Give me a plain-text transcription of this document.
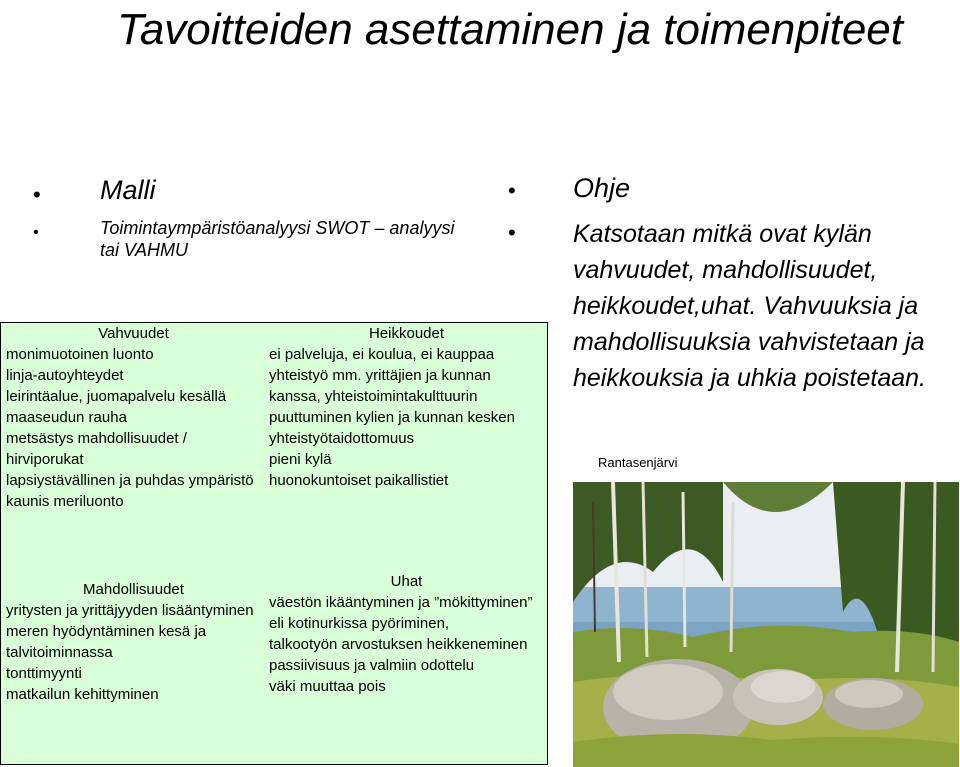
Tavoitteiden asettaminen ja toimenpiteet
• Malli
•	Toimintaympäristöanalyysi SWOT – analyysi tai VAHMU
• Ohje
• Katsotaan mitkä ovat kylän vahvuudet, mahdollisuudet, heikkoudet,uhat. Vahvuuksia ja mahdollisuuksia vahvistetaan ja heikkouksia ja uhkia poistetaan.
Vahvuudet
monimuotoinen luonto
linja-autoyhteydet
leirintäalue, juomapalvelu kesällä
maaseudun rauha
metsästys mahdollisuudet / hirviporukat
lapsiystävällinen ja puhdas ympäristö
kaunis meriluonto
Heikkoudet
ei palveluja, ei koulua, ei kauppaa
yhteistyö mm. yrittäjien ja kunnan kanssa, yhteistoimintakulttuurin puuttuminen kylien ja kunnan kesken
yhteistyötaidottomuus
pieni kylä
huonokuntoiset paikallistiet
Mahdollisuudet
yritysten ja yrittäjyyden lisääntyminen
meren hyödyntäminen kesä ja talvitoiminnassa
tonttimyynti
matkailun kehittyminen
Uhat
väestön ikääntyminen ja ”mökittyminen” eli kotinurkissa pyöriminen,
talkootyön arvostuksen heikkeneminen
passiivisuus ja valmiin odottelu
väki muuttaa pois
Rantasenjärvi
